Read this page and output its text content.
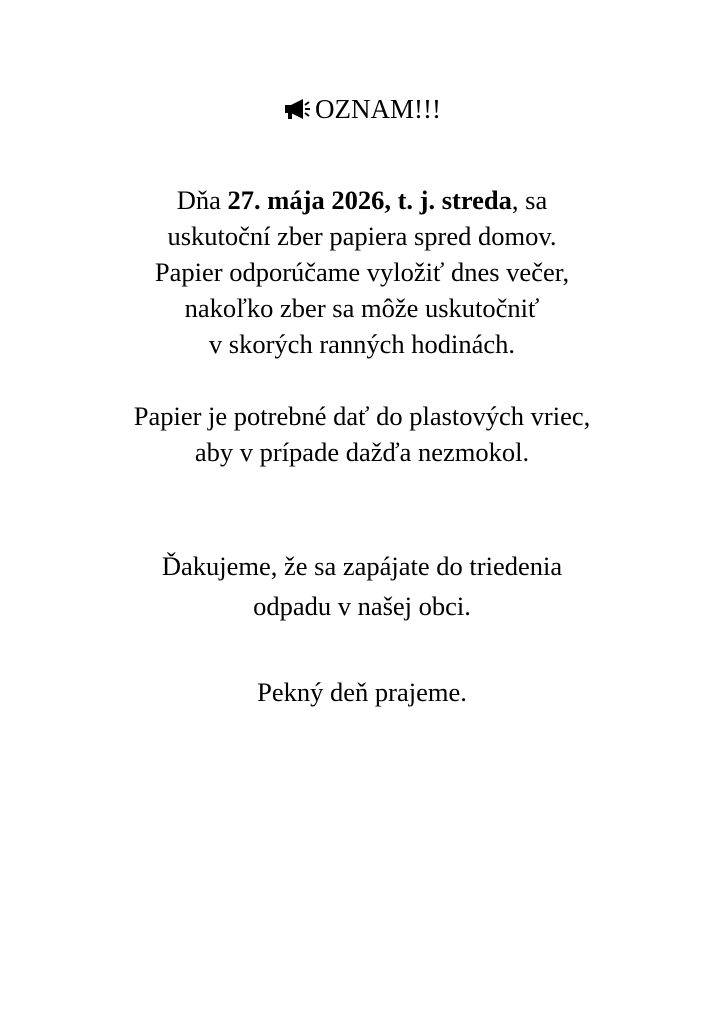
OZNAM!!!
Dňa 27. mája 2026, t. j. streda, sa
uskutoční zber papiera spred domov.
Papier odporúčame vyložiť dnes večer,
nakoľko zber sa môže uskutočniť
v skorých ranných hodinách.
Papier je potrebné dať do plastových vriec,
aby v prípade dažďa nezmokol.
Ďakujeme, že sa zapájate do triedenia
odpadu v našej obci.
Pekný deň prajeme.
